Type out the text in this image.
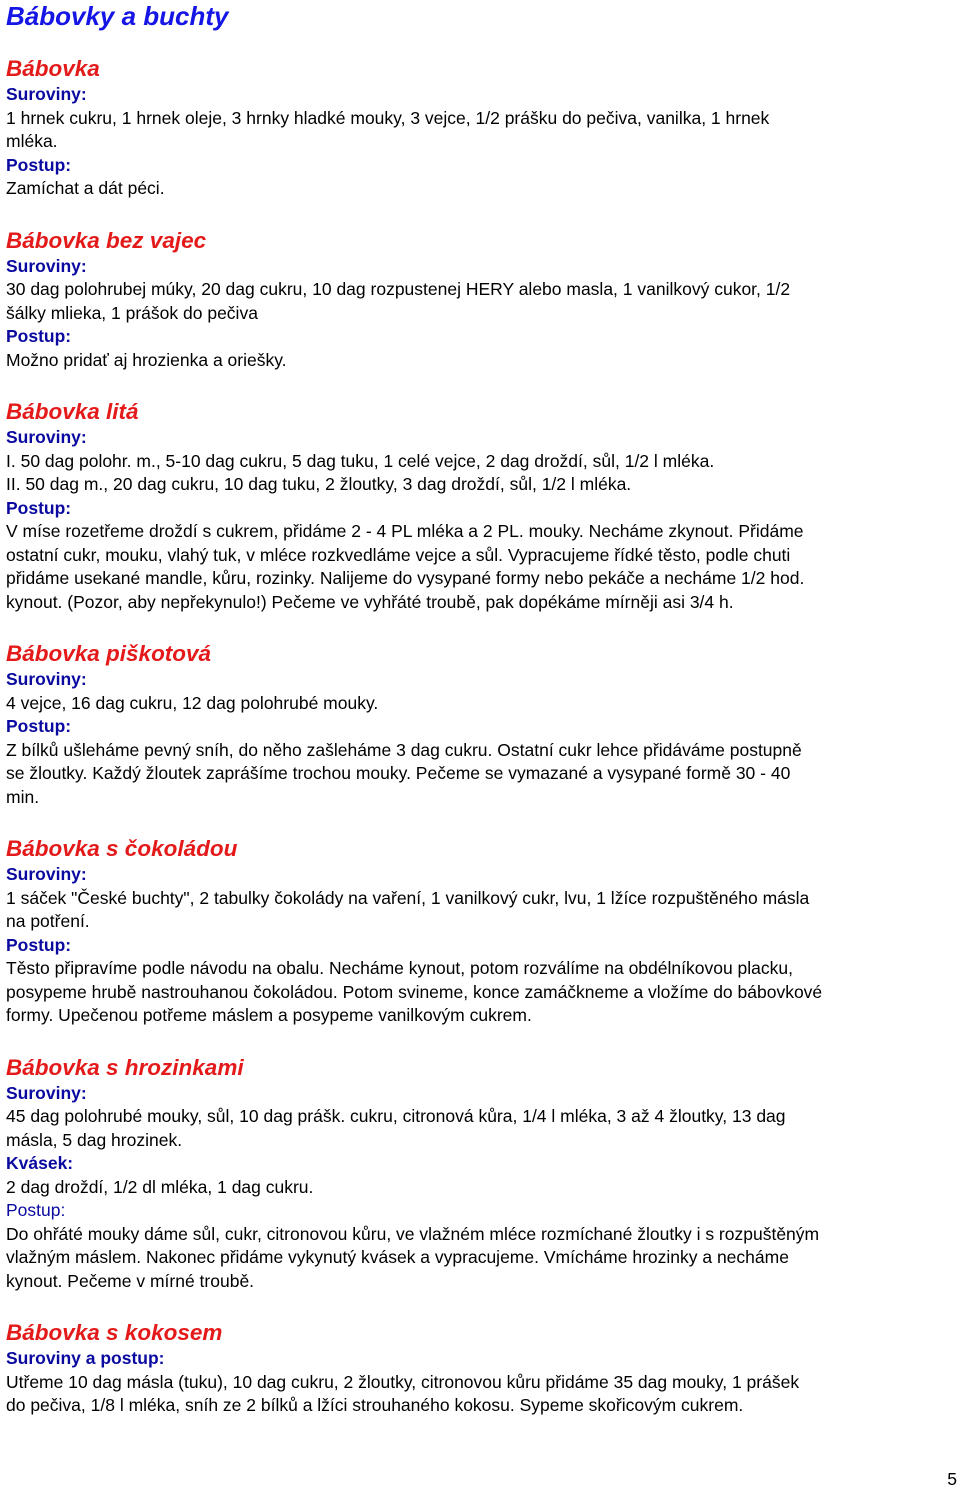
Bábovky a buchty
Bábovka
Suroviny:
1 hrnek cukru, 1 hrnek oleje, 3 hrnky hladké mouky, 3 vejce, 1/2 prášku do pečiva, vanilka, 1 hrnek
mléka.
Postup:
Zamíchat a dát péci.
Bábovka bez vajec
Suroviny:
30 dag polohrubej múky, 20 dag cukru, 10 dag rozpustenej HERY alebo masla, 1 vanilkový cukor, 1/2
šálky mlieka, 1 prášok do pečiva
Postup:
Možno pridať aj hrozienka a oriešky.
Bábovka litá
Suroviny:
I. 50 dag polohr. m., 5-10 dag cukru, 5 dag tuku, 1 celé vejce, 2 dag droždí, sůl, 1/2 l mléka.
II. 50 dag m., 20 dag cukru, 10 dag tuku, 2 žloutky, 3 dag droždí, sůl, 1/2 l mléka.
Postup:
V míse rozetřeme droždí s cukrem, přidáme 2 - 4 PL mléka a 2 PL. mouky. Necháme zkynout. Přidáme
ostatní cukr, mouku, vlahý tuk, v mléce rozkvedláme vejce a sůl. Vypracujeme řídké těsto, podle chuti
přidáme usekané mandle, kůru, rozinky. Nalijeme do vysypané formy nebo pekáče a necháme 1/2 hod.
kynout. (Pozor, aby nepřekynulo!) Pečeme ve vyhřáté troubě, pak dopékáme mírněji asi 3/4 h.
Bábovka piškotová
Suroviny:
4 vejce, 16 dag cukru, 12 dag polohrubé mouky.
Postup:
Z bílků ušleháme pevný sníh, do něho zašleháme 3 dag cukru. Ostatní cukr lehce přidáváme postupně
se žloutky. Každý žloutek zaprášíme trochou mouky. Pečeme se vymazané a vysypané formě 30 - 40
min.
Bábovka s čokoládou
Suroviny:
1 sáček "České buchty", 2 tabulky čokolády na vaření, 1 vanilkový cukr, lvu, 1 lžíce rozpuštěného másla
na potření.
Postup:
Těsto připravíme podle návodu na obalu. Necháme kynout, potom rozválíme na obdélníkovou placku,
posypeme hrubě nastrouhanou čokoládou. Potom svineme, konce zamáčkneme a vložíme do bábovkové
formy. Upečenou potřeme máslem a posypeme vanilkovým cukrem.
Bábovka s hrozinkami
Suroviny:
45 dag polohrubé mouky, sůl, 10 dag prášk. cukru, citronová kůra, 1/4 l mléka, 3 až 4 žloutky, 13 dag
másla, 5 dag hrozinek.
Kvásek:
2 dag droždí, 1/2 dl mléka, 1 dag cukru.
Postup:
Do ohřáté mouky dáme sůl, cukr, citronovou kůru, ve vlažném mléce rozmíchané žloutky i s rozpuštěným
vlažným máslem. Nakonec přidáme vykynutý kvásek a vypracujeme. Vmícháme hrozinky a necháme
kynout. Pečeme v mírné troubě.
Bábovka s kokosem
Suroviny a postup:
Utřeme 10 dag másla (tuku), 10 dag cukru, 2 žloutky, citronovou kůru přidáme 35 dag mouky, 1 prášek
do pečiva, 1/8 l mléka, sníh ze 2 bílků a lžíci strouhaného kokosu. Sypeme skořicovým cukrem.
5
